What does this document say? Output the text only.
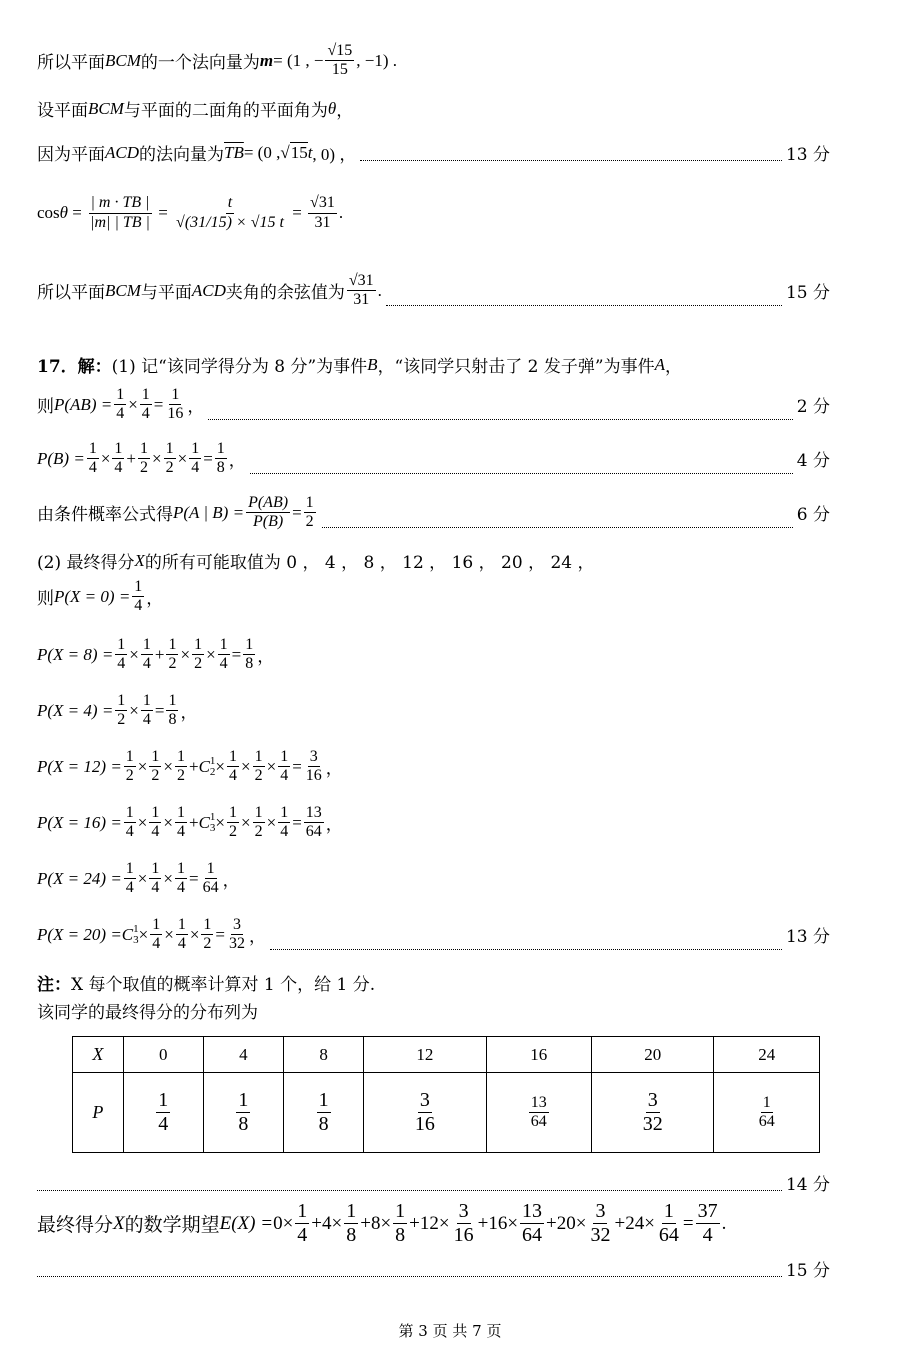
所以平面 BCM 的一个法向量为 m = (1 , − $\frac{√15}{15}$ , −1) .
设平面 BCM 与平面的二面角的平面角为 θ ，
因为平面 ACD 的法向量为 $\overline{TB} = (0$ , √ 15 t , 0) ，	13 分
$\cos \theta = \frac{| m \cdot TB |}{|m| | TB |} = \frac{t}{√(31/15) \times √15 t} = \frac{√31}{31}$ .
所以平面 BCM 与平面 ACD 夹角的余弦值为 $\frac{√31}{31}$ .	15 分
17．解： (1) 记“该同学得分为 8 分”为事件 B ，“该同学只射击了 2 发子弹”为事件 A ，
则 $P(AB) = \frac{1}{4} \times \frac{1}{4} = \frac{1}{16}$ ，	2 分
$P(B) = \frac{1}{4} \times \frac{1}{4} + \frac{1}{2} \times \frac{1}{2} \times \frac{1}{4} = \frac{1}{8}$ ，	4 分
由条件概率公式得 P(A | $B) = \frac{P(AB)}{P(B)} = \frac{1}{2}$	6 分
(2) 最终得分 X 的所有可能取值为 0 ， 4 ， 8 ， 12 ， 16 ， 20 ， 24 ，
则 $P(X = 0) = \frac{1}{4}$ ，
$P(X = 8) = \frac{1}{4} \times \frac{1}{4} + \frac{1}{2} \times \frac{1}{2} \times \frac{1}{4} = \frac{1}{8}$ ，
$P(X = 4) = \frac{1}{2} \times \frac{1}{4} = \frac{1}{8}$ ，
$P(X = 12) = \frac{1}{2} \times \frac{1}{2} \times \frac{1}{2} + C$ 1
$2 \times \frac{1}{4} \times \frac{1}{2} \times \frac{1}{4} = \frac{3}{16}$ ，
$P(X = 16) = \frac{1}{4} \times \frac{1}{4} \times \frac{1}{4} + C$ 1
$3 \times \frac{1}{2} \times \frac{1}{2} \times \frac{1}{4} = \frac{13}{64}$ ，
$P(X = 24) = \frac{1}{4} \times \frac{1}{4} \times \frac{1}{4} = \frac{1}{64}$ ，
P(X = 20) = C 1
$3 \times \frac{1}{4} \times \frac{1}{4} \times \frac{1}{2} = \frac{3}{32}$ ，	13 分
注： X 每个取值的概率计算对 1 个，给 1 分.
该同学的最终得分的分布列为
X	0	4	8	12	16	20	24
P	$\frac{1}{4}$	$\frac{1}{8}$	$\frac{1}{8}$	$\frac{3}{16}$	$\frac{13}{64}$	$\frac{3}{32}$	$\frac{1}{64}$
14 分
最终得分 X 的数学期望 $E(X) = 0\times \frac{1}{4} +4\times \frac{1}{8} +8\times \frac{1}{8} +12\times \frac{3}{16} +16\times \frac{13}{64} +20\times \frac{3}{32} +24\times \frac{1}{64} = \frac{37}{4}$ .
15 分
第 3 页 共 7 页
